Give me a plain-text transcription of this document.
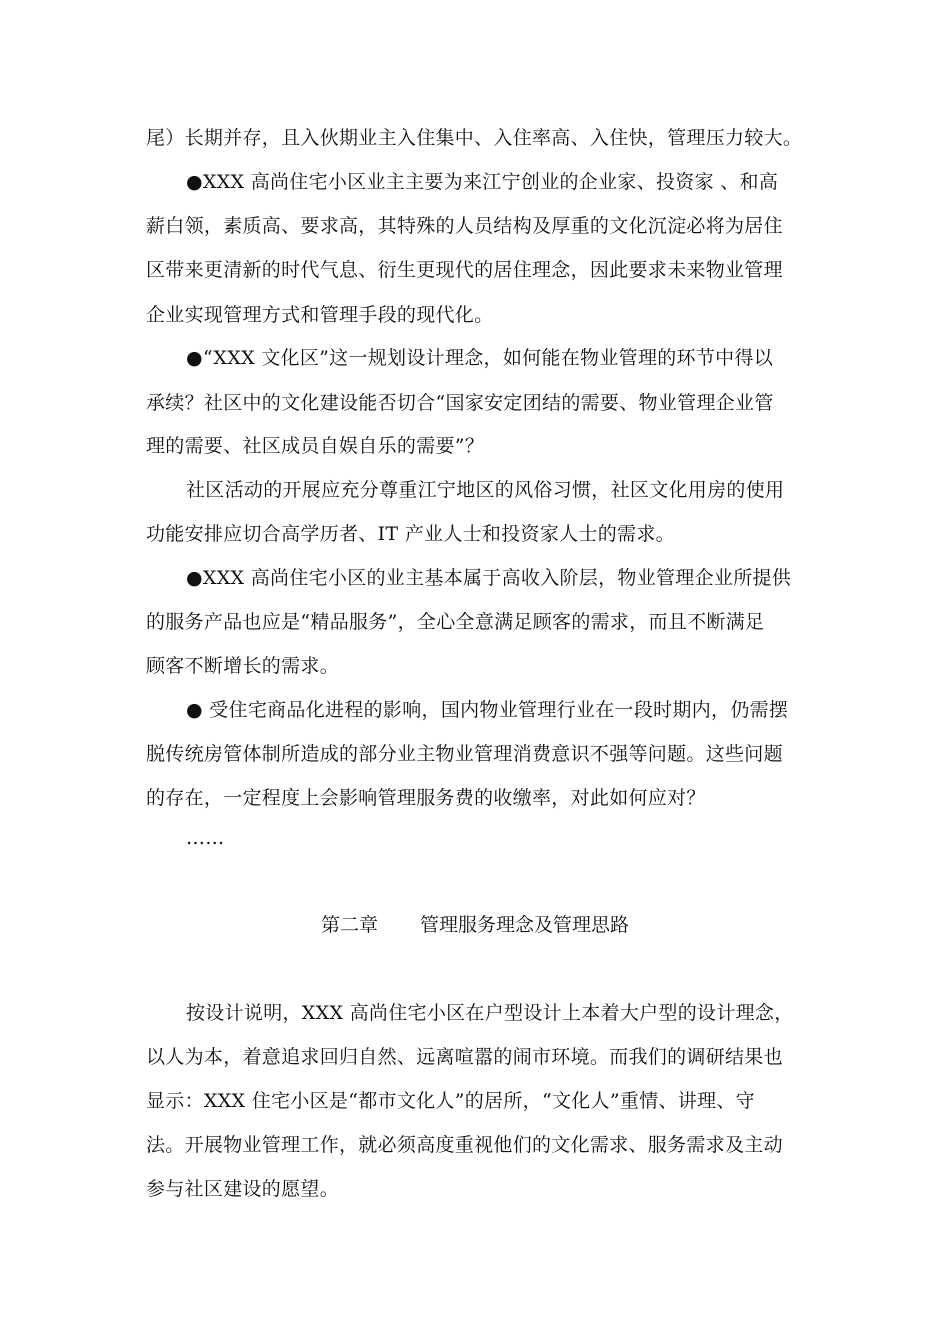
尾）长期并存，且入伙期业主入住集中、入住率高、入住快，管理压力较大。
●XXX 高尚住宅小区业主主要为来江宁创业的企业家、投资家 、和高
薪白领，素质高、要求高，其特殊的人员结构及厚重的文化沉淀必将为居住
区带来更清新的时代气息、衍生更现代的居住理念，因此要求未来物业管理
企业实现管理方式和管理手段的现代化。
●“XXX 文化区”这一规划设计理念，如何能在物业管理的环节中得以
承续？社区中的文化建设能否切合“国家安定团结的需要、物业管理企业管
理的需要、社区成员自娱自乐的需要”？
社区活动的开展应充分尊重江宁地区的风俗习惯，社区文化用房的使用
功能安排应切合高学历者、IT 产业人士和投资家人士的需求。
●XXX 高尚住宅小区的业主基本属于高收入阶层，物业管理企业所提供
的服务产品也应是“精品服务”，全心全意满足顾客的需求，而且不断满足
顾客不断增长的需求。
● 受住宅商品化进程的影响，国内物业管理行业在一段时期内，仍需摆
脱传统房管体制所造成的部分业主物业管理消费意识不强等问题。这些问题
的存在，一定程度上会影响管理服务费的收缴率，对此如何应对？
……
第二章 管理服务理念及管理思路
按设计说明，XXX 高尚住宅小区在户型设计上本着大户型的设计理念，
以人为本，着意追求回归自然、远离喧嚣的闹市环境。而我们的调研结果也
显示：XXX 住宅小区是“都市文化人”的居所，“文化人”重情、讲理、守
法。开展物业管理工作，就必须高度重视他们的文化需求、服务需求及主动
参与社区建设的愿望。
